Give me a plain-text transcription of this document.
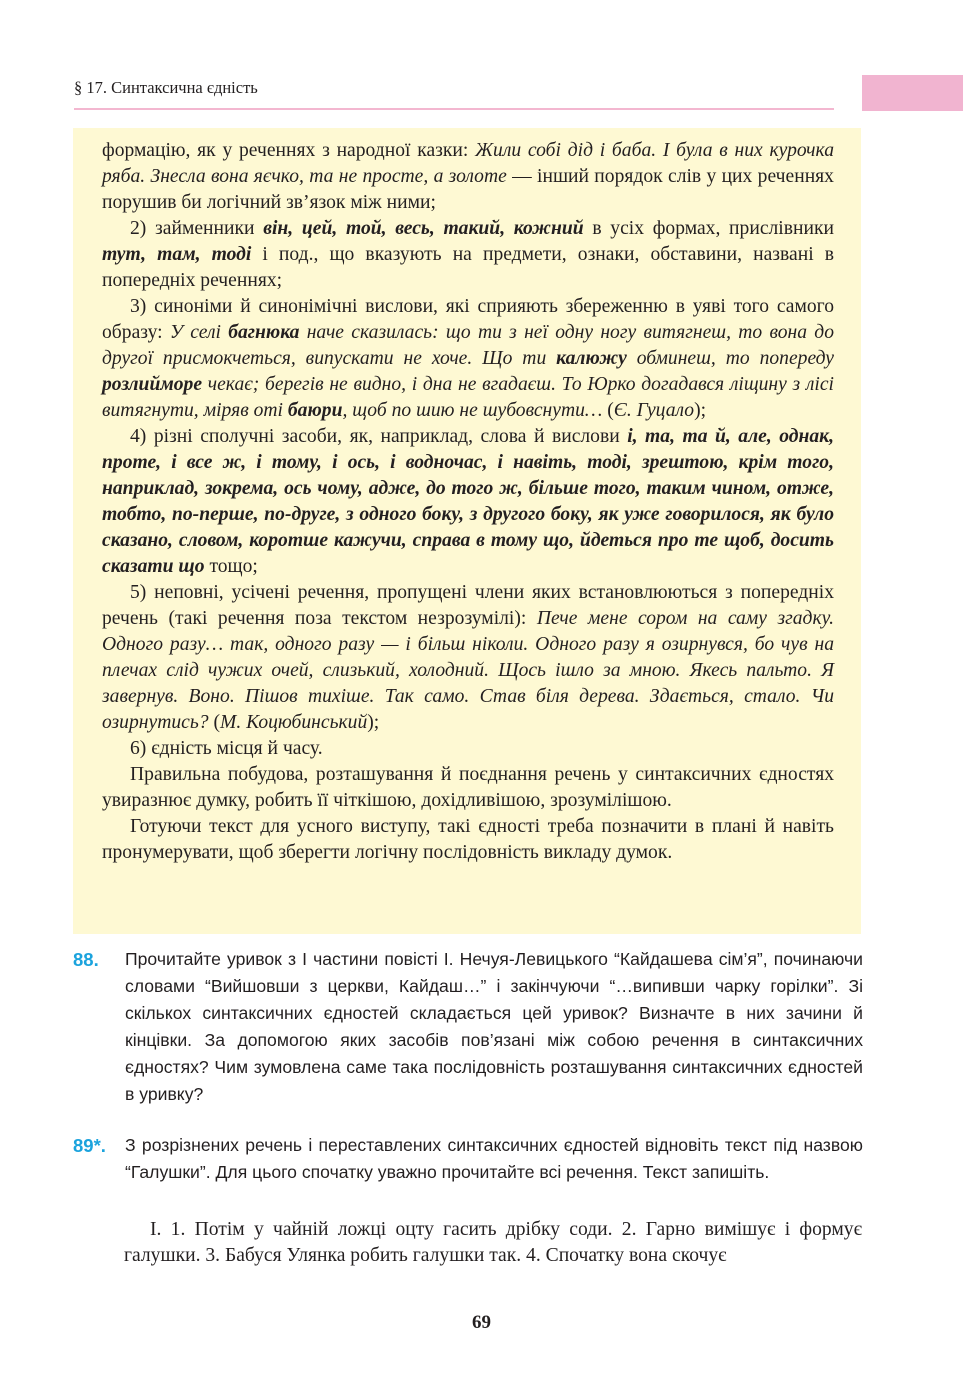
§ 17. Синтаксична єдність

формацію, як у реченнях з народної казки: Жили собі дід і баба. І була в них курочка ряба. Знесла вона яєчко, та не просте, а золоте — інший порядок слів у цих реченнях порушив би логічний зв’язок між ними;

2) займенники він, цей, той, весь, такий, кожний в усіх формах, прислівники тут, там, тоді і под., що вказують на предмети, ознаки, обставини, названі в попередніх реченнях;

3) синоніми й синонімічні вислови, які сприяють збереженню в уяві того самого образу: У селі багнюка наче сказилась: що ти з неї одну ногу витягнеш, то вона до другої присмокчеться, випускати не хоче. Що ти калюжу обминеш, то попереду розлийморе чекає; берегів не видно, і дна не вгадаєш. То Юрко догадався ліщину з лісі витягнути, міряв оті баюри, щоб по шию не шубовснути… (Є. Гуцало);

4) різні сполучні засоби, як, наприклад, слова й вислови і, та, та й, але, однак, проте, і все ж, і тому, і ось, і водночас, і навіть, тоді, зрештою, крім того, наприклад, зокрема, ось чому, адже, до того ж, більше того, таким чином, отже, тобто, по-перше, по-друге, з одного боку, з другого боку, як уже говорилося, як було сказано, словом, коротше кажучи, справа в тому що, йдеться про те щоб, досить сказати що тощо;

5) неповні, усічені речення, пропущені члени яких встановлюються з попередніх речень (такі речення поза текстом незрозумілі): Пече мене сором на саму згадку. Одного разу… так, одного разу — і більш ніколи. Одного разу я озирнувся, бо чув на плечах слід чужих очей, слизький, холодний. Щось ішло за мною. Якесь пальто. Я завернув. Воно. Пішов тихіше. Так само. Став біля дерева. Здається, стало. Чи озирнутись? (М. Коцюбинський);

6) єдність місця й часу.

Правильна побудова, розташування й поєднання речень у синтаксичних єдностях увиразнює думку, робить її чіткішою, дохідливішою, зрозумілішою.

Готуючи текст для усного виступу, такі єдності треба позначити в плані й навіть пронумерувати, щоб зберегти логічну послідовність викладу думок.

88. Прочитайте уривок з І частини повісті І. Нечуя-Левицького “Кайдашева сім’я”, починаючи словами “Вийшовши з церкви, Кайдаш…” і закінчуючи “…випивши чарку горілки”. Зі скількох синтаксичних єдностей складається цей уривок? Визначте в них зачини й кінцівки. За допомогою яких засобів пов’язані між собою речення в синтаксичних єдностях? Чим зумовлена саме така послідовність розташування синтаксичних єдностей в уривку?
89*. З розрізнених речень і переставлених синтаксичних єдностей відновіть текст під назвою “Галушки”. Для цього спочатку уважно прочитайте всі речення. Текст запишіть.
І. 1. Потім у чайній ложці оцту гасить дрібку соди. 2. Гарно вимішує і формує галушки. 3. Бабуся Улянка робить галушки так. 4. Спочатку вона скочує
69
